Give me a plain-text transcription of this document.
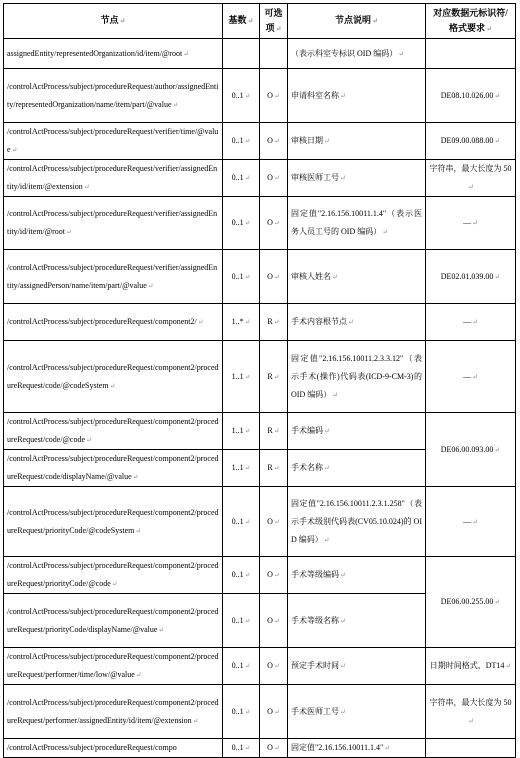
节点↵	基数↵	可选项↵	节点说明↵	对应数据元标识符/格式要求↵
assignedEntity/representedOrganization/id/item/@root↵			（表示科室专标识 OID 编码）↵	
/controlActProcess/subject/procedureRequest/author/assignedEntity/representedOrganization/name/item/part/@value↵	0..1↵	O↵	申请科室名称↵	DE08.10.026.00↵
/controlActProcess/subject/procedureRequest/verifier/time/@value↵	0..1↵	O↵	审核日期↵	DE09.00.088.00↵
/controlActProcess/subject/procedureRequest/verifier/assignedEntity/id/item/@extension↵	0..1↵	O↵	审核医师工号↵	字符串，最大长度为 50↵
/controlActProcess/subject/procedureRequest/verifier/assignedEntity/id/item/@root↵	0..1↵	O↵	固定值"2.16.156.10011.1.4"（表示医务人员工号的 OID 编码）↵	—↵
/controlActProcess/subject/procedureRequest/verifier/assignedEntity/assignedPerson/name/item/part/@value↵	0..1↵	O↵	审核人姓名↵	DE02.01.039.00↵
/controlActProcess/subject/procedureRequest/component2/↵	1..*↵	R↵	手术内容根节点↵	—↵
/controlActProcess/subject/procedureRequest/component2/procedureRequest/code/@codeSystem↵	1..1↵	R↵	固定值"2.16.156.10011.2.3.3.12"（表示手术(操作)代码表(ICD-9-CM-3)的 OID 编码）↵	—↵
/controlActProcess/subject/procedureRequest/component2/procedureRequest/code/@code↵	1..1↵	R↵	手术编码↵	DE06.00.093.00↵
/controlActProcess/subject/procedureRequest/component2/procedureRequest/code/displayName/@value↵	1..1↵	R↵	手术名称↵	
/controlActProcess/subject/procedureRequest/component2/procedureRequest/priorityCode/@codeSystem↵	0..1↵	O↵	固定值"2.16.156.10011.2.3.1.258"（表示手术级别代码表(CV05.10.024)的 OID 编码）↵	—↵
/controlActProcess/subject/procedureRequest/component2/procedureRequest/priorityCode/@code↵	0..1↵	O↵	手术等级编码↵	DE06.00.255.00↵
/controlActProcess/subject/procedureRequest/component2/procedureRequest/priorityCode/displayName/@value↵	0..1↵	O↵	手术等级名称↵	
/controlActProcess/subject/procedureRequest/component2/procedureRequest/performer/time/low/@value↵	0..1↵	O↵	预定手术时间↵	日期时间格式，DT14↵
/controlActProcess/subject/procedureRequest/component2/procedureRequest/performer/assignedEntity/id/item/@extension↵	0..1↵	O↵	手术医师工号↵	字符串，最大长度为 50↵
/controlActProcess/subject/procedureRequest/compo	0..1↵	O↵	固定值"2.16.156.10011.1.4"↵	
